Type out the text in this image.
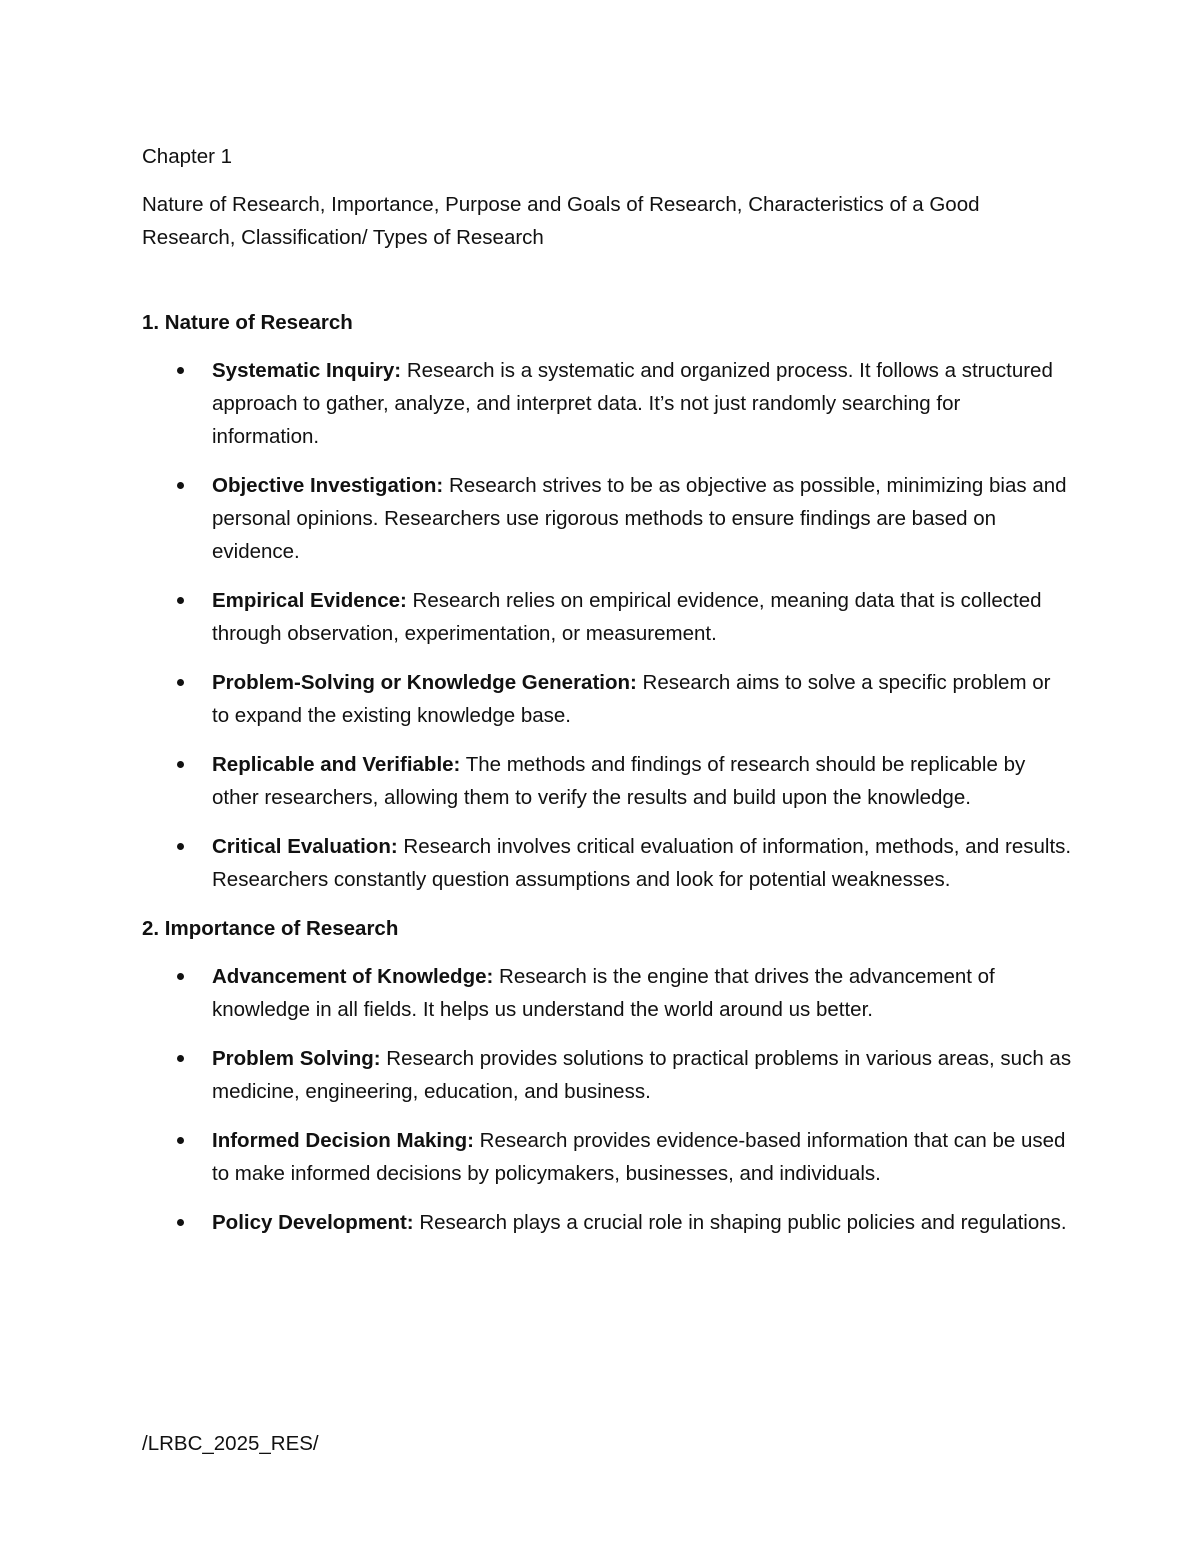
Chapter 1

Nature of Research, Importance, Purpose and Goals of Research, Characteristics of a Good Research, Classification/ Types of Research

1. Nature of Research

Systematic Inquiry: Research is a systematic and organized process. It follows a structured approach to gather, analyze, and interpret data. It’s not just randomly searching for information.
Objective Investigation: Research strives to be as objective as possible, minimizing bias and personal opinions. Researchers use rigorous methods to ensure findings are based on evidence.
Empirical Evidence: Research relies on empirical evidence, meaning data that is collected through observation, experimentation, or measurement.
Problem-Solving or Knowledge Generation: Research aims to solve a specific problem or to expand the existing knowledge base.
Replicable and Verifiable: The methods and findings of research should be replicable by other researchers, allowing them to verify the results and build upon the knowledge.
Critical Evaluation: Research involves critical evaluation of information, methods, and results. Researchers constantly question assumptions and look for potential weaknesses.

2. Importance of Research

Advancement of Knowledge: Research is the engine that drives the advancement of knowledge in all fields. It helps us understand the world around us better.
Problem Solving: Research provides solutions to practical problems in various areas, such as medicine, engineering, education, and business.
Informed Decision Making: Research provides evidence-based information that can be used to make informed decisions by policymakers, businesses, and individuals.
Policy Development: Research plays a crucial role in shaping public policies and regulations.
/LRBC_2025_RES/
